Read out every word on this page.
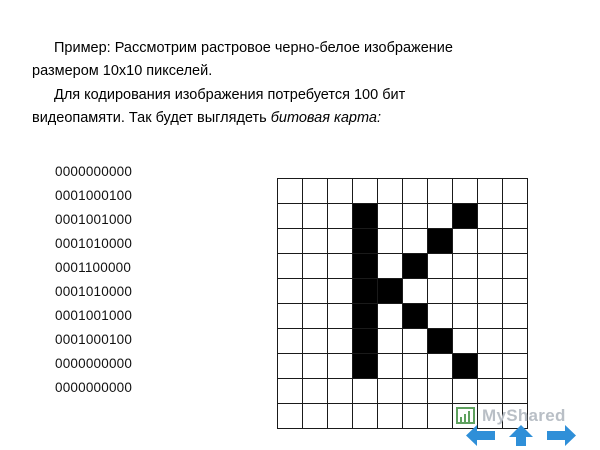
Пример: Рассмотрим растровое черно-белое изображение

размером 10х10 пикселей.

Для кодирования изображения потребуется 100 бит

видеопамяти. Так будет выглядеть битовая карта:

0000000000
0001000100
0001001000
0001010000
0001100000
0001010000
0001001000
0001000100
0000000000
0000000000

MyShared
